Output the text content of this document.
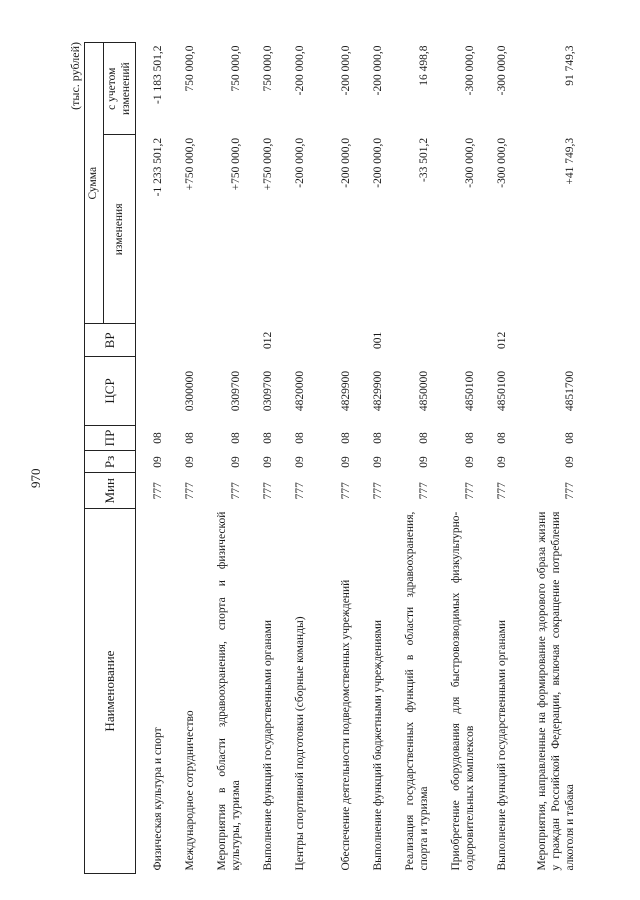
970
(тыс. рублей)
Наименование	Мин	Рз	ПР	ЦСР	ВР	Сумма	
						изменения	с учетом изменений
Физическая культура и спорт	777	09	08			-1 233 501,2	-1 183 501,2
Международное сотрудничество	777	09	08	0300000		+750 000,0	750 000,0
Мероприятия в области здравоохранения, спорта и физической культуры, туризма	777	09	08	0309700		+750 000,0	750 000,0
Выполнение функций государственными органами	777	09	08	0309700	012	+750 000,0	750 000,0
Центры спортивной подготовки (сборные команды)	777	09	08	4820000		-200 000,0	-200 000,0
Обеспечение деятельности подведомственных учреждений	777	09	08	4829900		-200 000,0	-200 000,0
Выполнение функций бюджетными учреждениями	777	09	08	4829900	001	-200 000,0	-200 000,0
Реализация государственных функций в области здравоохранения, спорта и туризма	777	09	08	4850000		-33 501,2	16 498,8
Приобретение оборудования для быстровозводимых физкультурно-оздоровительных комплексов	777	09	08	4850100		-300 000,0	-300 000,0
Выполнение функций государственными органами	777	09	08	4850100	012	-300 000,0	-300 000,0
Мероприятия, направленные на формирование здорового образа жизни у граждан Российской Федерации, включая сокращение потребления алкоголя и табака	777	09	08	4851700		+41 749,3	91 749,3
